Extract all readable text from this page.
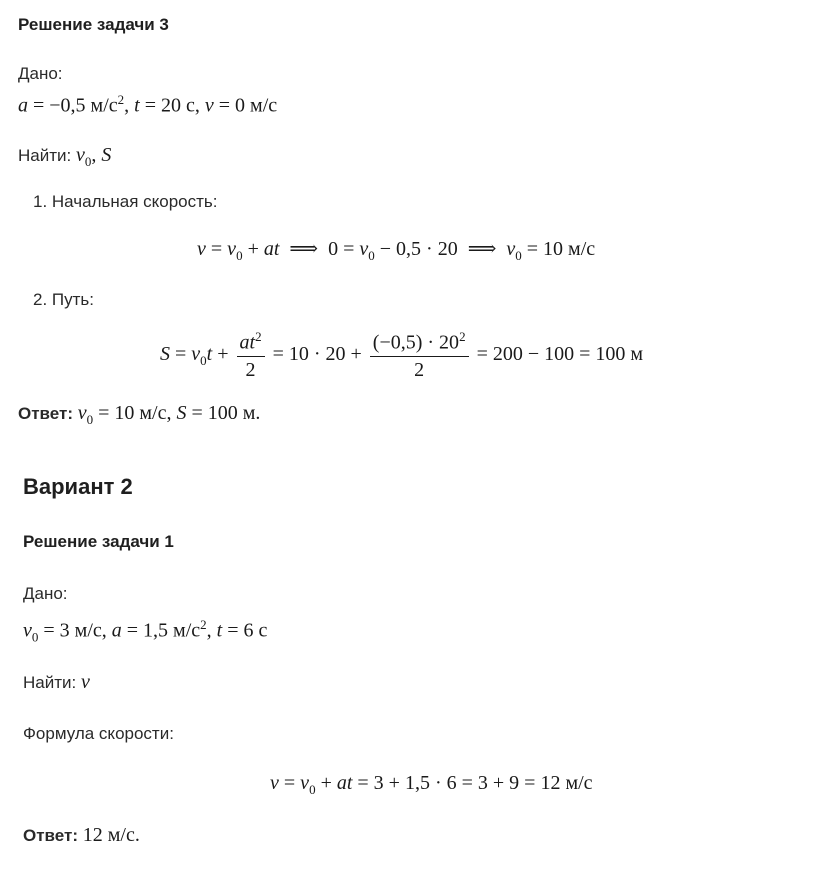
Решение задачи 3
Дано:
a = −0,5 $м/с^2$, t = 20 с, v = 0 м/с
Найти: $v_0$, S
1. Начальная скорость:
$v = v_0$ + at  ⟹  $0 = v_0 - 0,5 \cdot 20$  ⟹  $v_0 = 10$ м/с
2. Путь:
$S = v_0t + \frac{at^2}{2} = 10 \cdot 20 + \frac{(-0,5) \cdot 20^2}{2} = 200 - 100 = 100$ м
Ответ: $v_0 = 10$ м/с, S = 100 м.
Вариант 2
Решение задачи 1
Дано:
$v_0 = 3$ м/с, a = 1,5 $м/с^2$, t = 6 с
Найти: v
Формула скорости:
$v = v_0$ + at = 3 + 1,5 · 6 = 3 + 9 = 12 м/с
Ответ: 12 м/с.
